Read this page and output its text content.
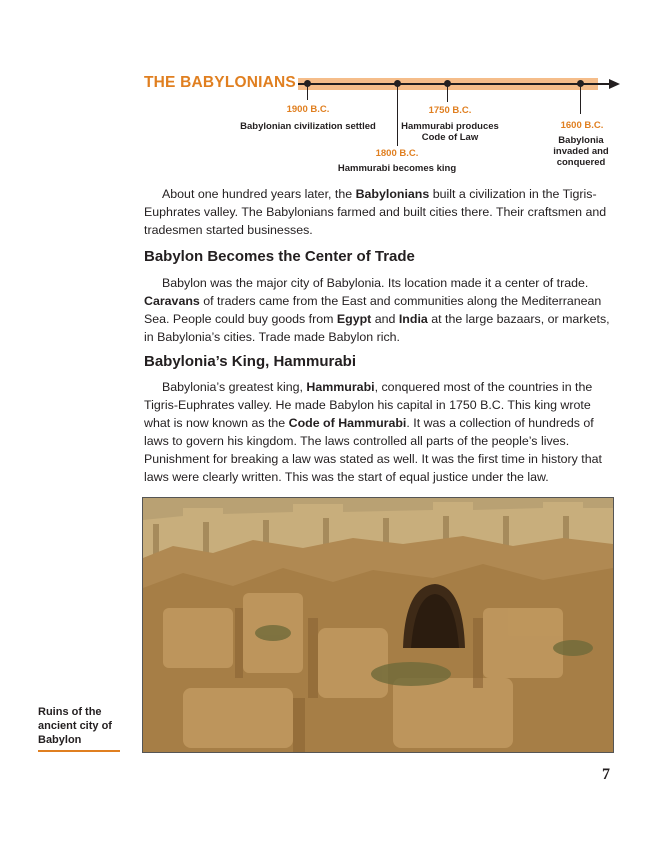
THE BABYLONIANS
1900 B.C.
Babylonian civilization settled
1800 B.C.
Hammurabi becomes king
1750 B.C.
Hammurabi produces Code of Law
1600 B.C.
Babylonia invaded and conquered

About one hundred years later, the Babylonians built a civilization in the Tigris-Euphrates valley. The Babylonians farmed and built cities there. Their craftsmen and tradesmen started businesses.

Babylon Becomes the Center of Trade

Babylon was the major city of Babylonia. Its location made it a center of trade. Caravans of traders came from the East and communities along the Mediterranean Sea. People could buy goods from Egypt and India at the large bazaars, or markets, in Babylonia’s cities. Trade made Babylon rich.

Babylonia’s King, Hammurabi

Babylonia’s greatest king, Hammurabi, conquered most of the countries in the Tigris-Euphrates valley. He made Babylon his capital in 1750 B.C. This king wrote what is now known as the Code of Hammurabi. It was a collection of hundreds of laws to govern his kingdom. The laws controlled all parts of the people’s lives. Punishment for breaking a law was stated as well. It was the first time in history that laws were clearly written. This was the start of equal justice under the law.

Ruins of the ancient city of Babylon
7
